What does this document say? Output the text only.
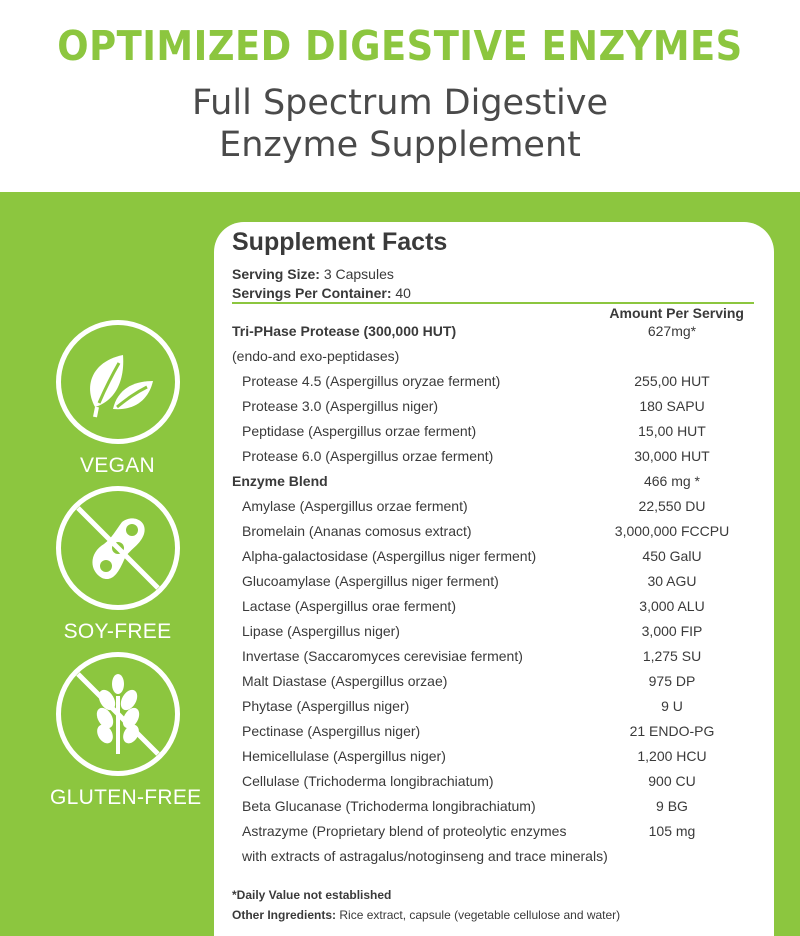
OPTIMIZED DIGESTIVE ENZYMES
Full Spectrum Digestive
Enzyme Supplement
VEGAN
SOY-FREE
GLUTEN-FREE
Supplement Facts
Serving Size: 3 Capsules
Servings Per Container: 40
Amount Per Serving
Tri-PHase Protease (300,000 HUT)	627mg*
(endo-and exo-peptidases)
Protease 4.5 (Aspergillus oryzae ferment)	255,00 HUT
Protease 3.0 (Aspergillus niger)	180 SAPU
Peptidase (Aspergillus orzae ferment)	15,00 HUT
Protease 6.0 (Aspergillus orzae ferment)	30,000 HUT
Enzyme Blend	466 mg *
Amylase (Aspergillus orzae ferment)	22,550 DU
Bromelain (Ananas comosus extract)	3,000,000 FCCPU
Alpha-galactosidase (Aspergillus niger ferment)	450 GalU
Glucoamylase (Aspergillus niger ferment)	30 AGU
Lactase (Aspergillus orae ferment)	3,000 ALU
Lipase (Aspergillus niger)	3,000 FIP
Invertase (Saccaromyces cerevisiae ferment)	1,275 SU
Malt Diastase (Aspergillus orzae)	975 DP
Phytase (Aspergillus niger)	9 U
Pectinase (Aspergillus niger)	21 ENDO-PG
Hemicellulase (Aspergillus niger)	1,200 HCU
Cellulase (Trichoderma longibrachiatum)	900 CU
Beta Glucanase (Trichoderma longibrachiatum)	9 BG
Astrazyme (Proprietary blend of proteolytic enzymes	105 mg
with extracts of astragalus/notoginseng and trace minerals)
*Daily Value not established
Other Ingredients: Rice extract, capsule (vegetable cellulose and water)
